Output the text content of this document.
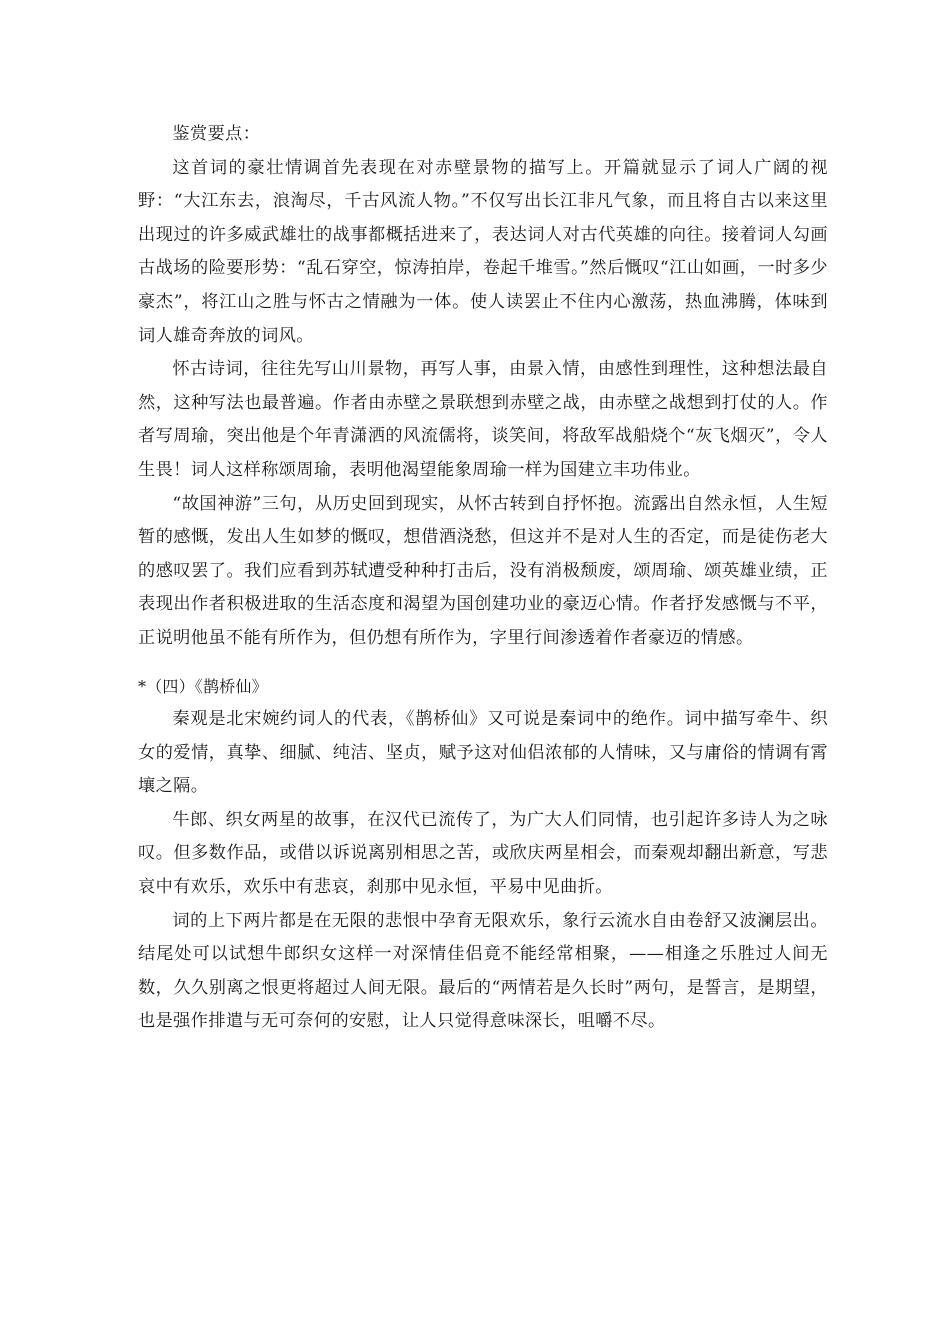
鉴赏要点：

这首词的豪壮情调首先表现在对赤壁景物的描写上。开篇就显示了词人广阔的视野：“大江东去，浪淘尽，千古风流人物。”不仅写出长江非凡气象，而且将自古以来这里出现过的许多威武雄壮的战事都概括进来了，表达词人对古代英雄的向往。接着词人勾画古战场的险要形势：“乱石穿空，惊涛拍岸，卷起千堆雪。”然后慨叹“江山如画，一时多少豪杰”，将江山之胜与怀古之情融为一体。使人读罢止不住内心激荡，热血沸腾，体味到词人雄奇奔放的词风。

怀古诗词，往往先写山川景物，再写人事，由景入情，由感性到理性，这种想法最自然，这种写法也最普遍。作者由赤壁之景联想到赤壁之战，由赤壁之战想到打仗的人。作者写周瑜，突出他是个年青潇洒的风流儒将，谈笑间，将敌军战船烧个“灰飞烟灭”，令人生畏！词人这样称颂周瑜，表明他渴望能象周瑜一样为国建立丰功伟业。

“故国神游”三句，从历史回到现实，从怀古转到自抒怀抱。流露出自然永恒，人生短暂的感慨，发出人生如梦的慨叹，想借酒浇愁，但这并不是对人生的否定，而是徒伤老大的感叹罢了。我们应看到苏轼遭受种种打击后，没有消极颓废，颂周瑜、颂英雄业绩，正表现出作者积极进取的生活态度和渴望为国创建功业的豪迈心情。作者抒发感慨与不平，正说明他虽不能有所作为，但仍想有所作为，字里行间渗透着作者豪迈的情感。

*（四）《鹊桥仙》

秦观是北宋婉约词人的代表，《鹊桥仙》又可说是秦词中的绝作。词中描写牵牛、织女的爱情，真挚、细腻、纯洁、坚贞，赋予这对仙侣浓郁的人情味，又与庸俗的情调有霄壤之隔。

牛郎、织女两星的故事，在汉代已流传了，为广大人们同情，也引起许多诗人为之咏叹。但多数作品，或借以诉说离别相思之苦，或欣庆两星相会，而秦观却翻出新意，写悲哀中有欢乐，欢乐中有悲哀，刹那中见永恒，平易中见曲折。

词的上下两片都是在无限的悲恨中孕育无限欢乐，象行云流水自由卷舒又波澜层出。结尾处可以试想牛郎织女这样一对深情佳侣竟不能经常相聚，——相逢之乐胜过人间无数，久久别离之恨更将超过人间无限。最后的“两情若是久长时”两句，是誓言，是期望，也是强作排遣与无可奈何的安慰，让人只觉得意味深长，咀嚼不尽。
